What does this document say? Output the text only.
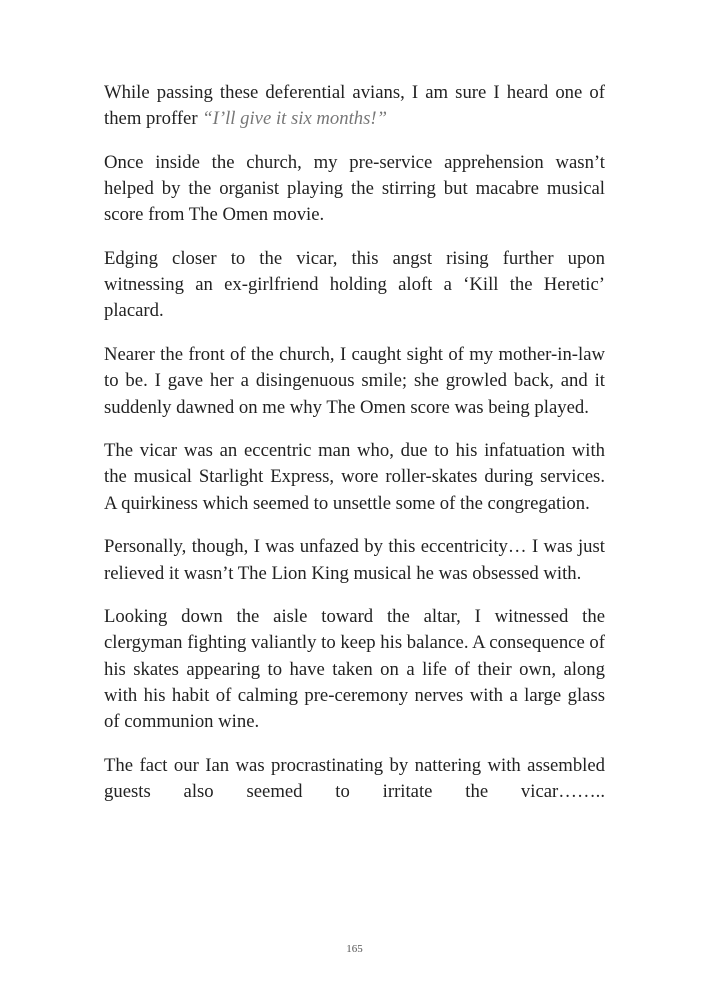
While passing these deferential avians, I am sure I heard one of them proffer “I’ll give it six months!”

Once inside the church, my pre-service apprehension wasn’t helped by the organist playing the stirring but macabre musical score from The Omen movie.

Edging closer to the vicar, this angst rising further upon witnessing an ex-girlfriend holding aloft a ‘Kill the Heretic’ placard.

Nearer the front of the church, I caught sight of my mother-in-law to be. I gave her a disingenuous smile; she growled back, and it suddenly dawned on me why The Omen score was being played.

The vicar was an eccentric man who, due to his infatuation with the musical Starlight Express, wore roller-skates during services. A quirkiness which seemed to unsettle some of the congregation.

Personally, though, I was unfazed by this eccentricity… I was just relieved it wasn’t The Lion King musical he was obsessed with.

Looking down the aisle toward the altar, I witnessed the clergyman fighting valiantly to keep his balance. A consequence of his skates appearing to have taken on a life of their own, along with his habit of calming pre-ceremony nerves with a large glass of communion wine.

The fact our Ian was procrastinating by nattering with assembled guests also seemed to irritate the vicar……..

165
